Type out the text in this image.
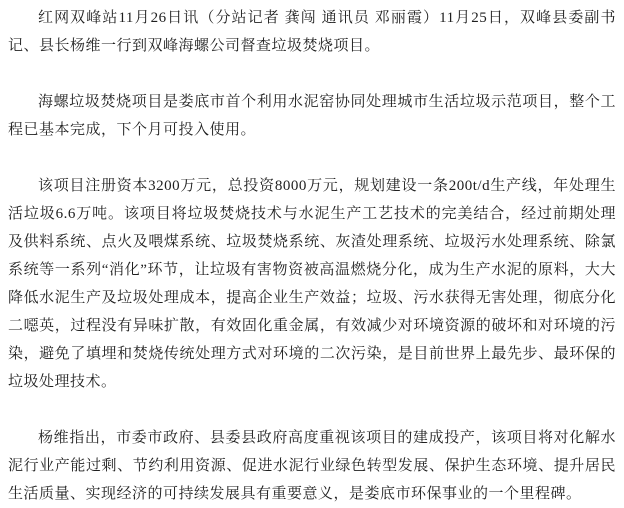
红网双峰站11月26日讯（分站记者 龚闯 通讯员 邓丽霞）11月25日，双峰县委副书记、县长杨维一行到双峰海螺公司督查垃圾焚烧项目。

海螺垃圾焚烧项目是娄底市首个利用水泥窑协同处理城市生活垃圾示范项目，整个工程已基本完成，下个月可投入使用。

该项目注册资本3200万元，总投资8000万元，规划建设一条200t/d生产线，年处理生活垃圾6.6万吨。该项目将垃圾焚烧技术与水泥生产工艺技术的完美结合，经过前期处理及供料系统、点火及喂煤系统、垃圾焚烧系统、灰渣处理系统、垃圾污水处理系统、除氯系统等一系列“消化”环节，让垃圾有害物资被高温燃烧分化，成为生产水泥的原料，大大降低水泥生产及垃圾处理成本，提高企业生产效益；垃圾、污水获得无害处理，彻底分化二噁英，过程没有异味扩散，有效固化重金属，有效减少对环境资源的破坏和对环境的污染，避免了填埋和焚烧传统处理方式对环境的二次污染，是目前世界上最先步、最环保的垃圾处理技术。

杨维指出，市委市政府、县委县政府高度重视该项目的建成投产，该项目将对化解水泥行业产能过剩、节约利用资源、促进水泥行业绿色转型发展、保护生态环境、提升居民生活质量、实现经济的可持续发展具有重要意义，是娄底市环保事业的一个里程碑。
